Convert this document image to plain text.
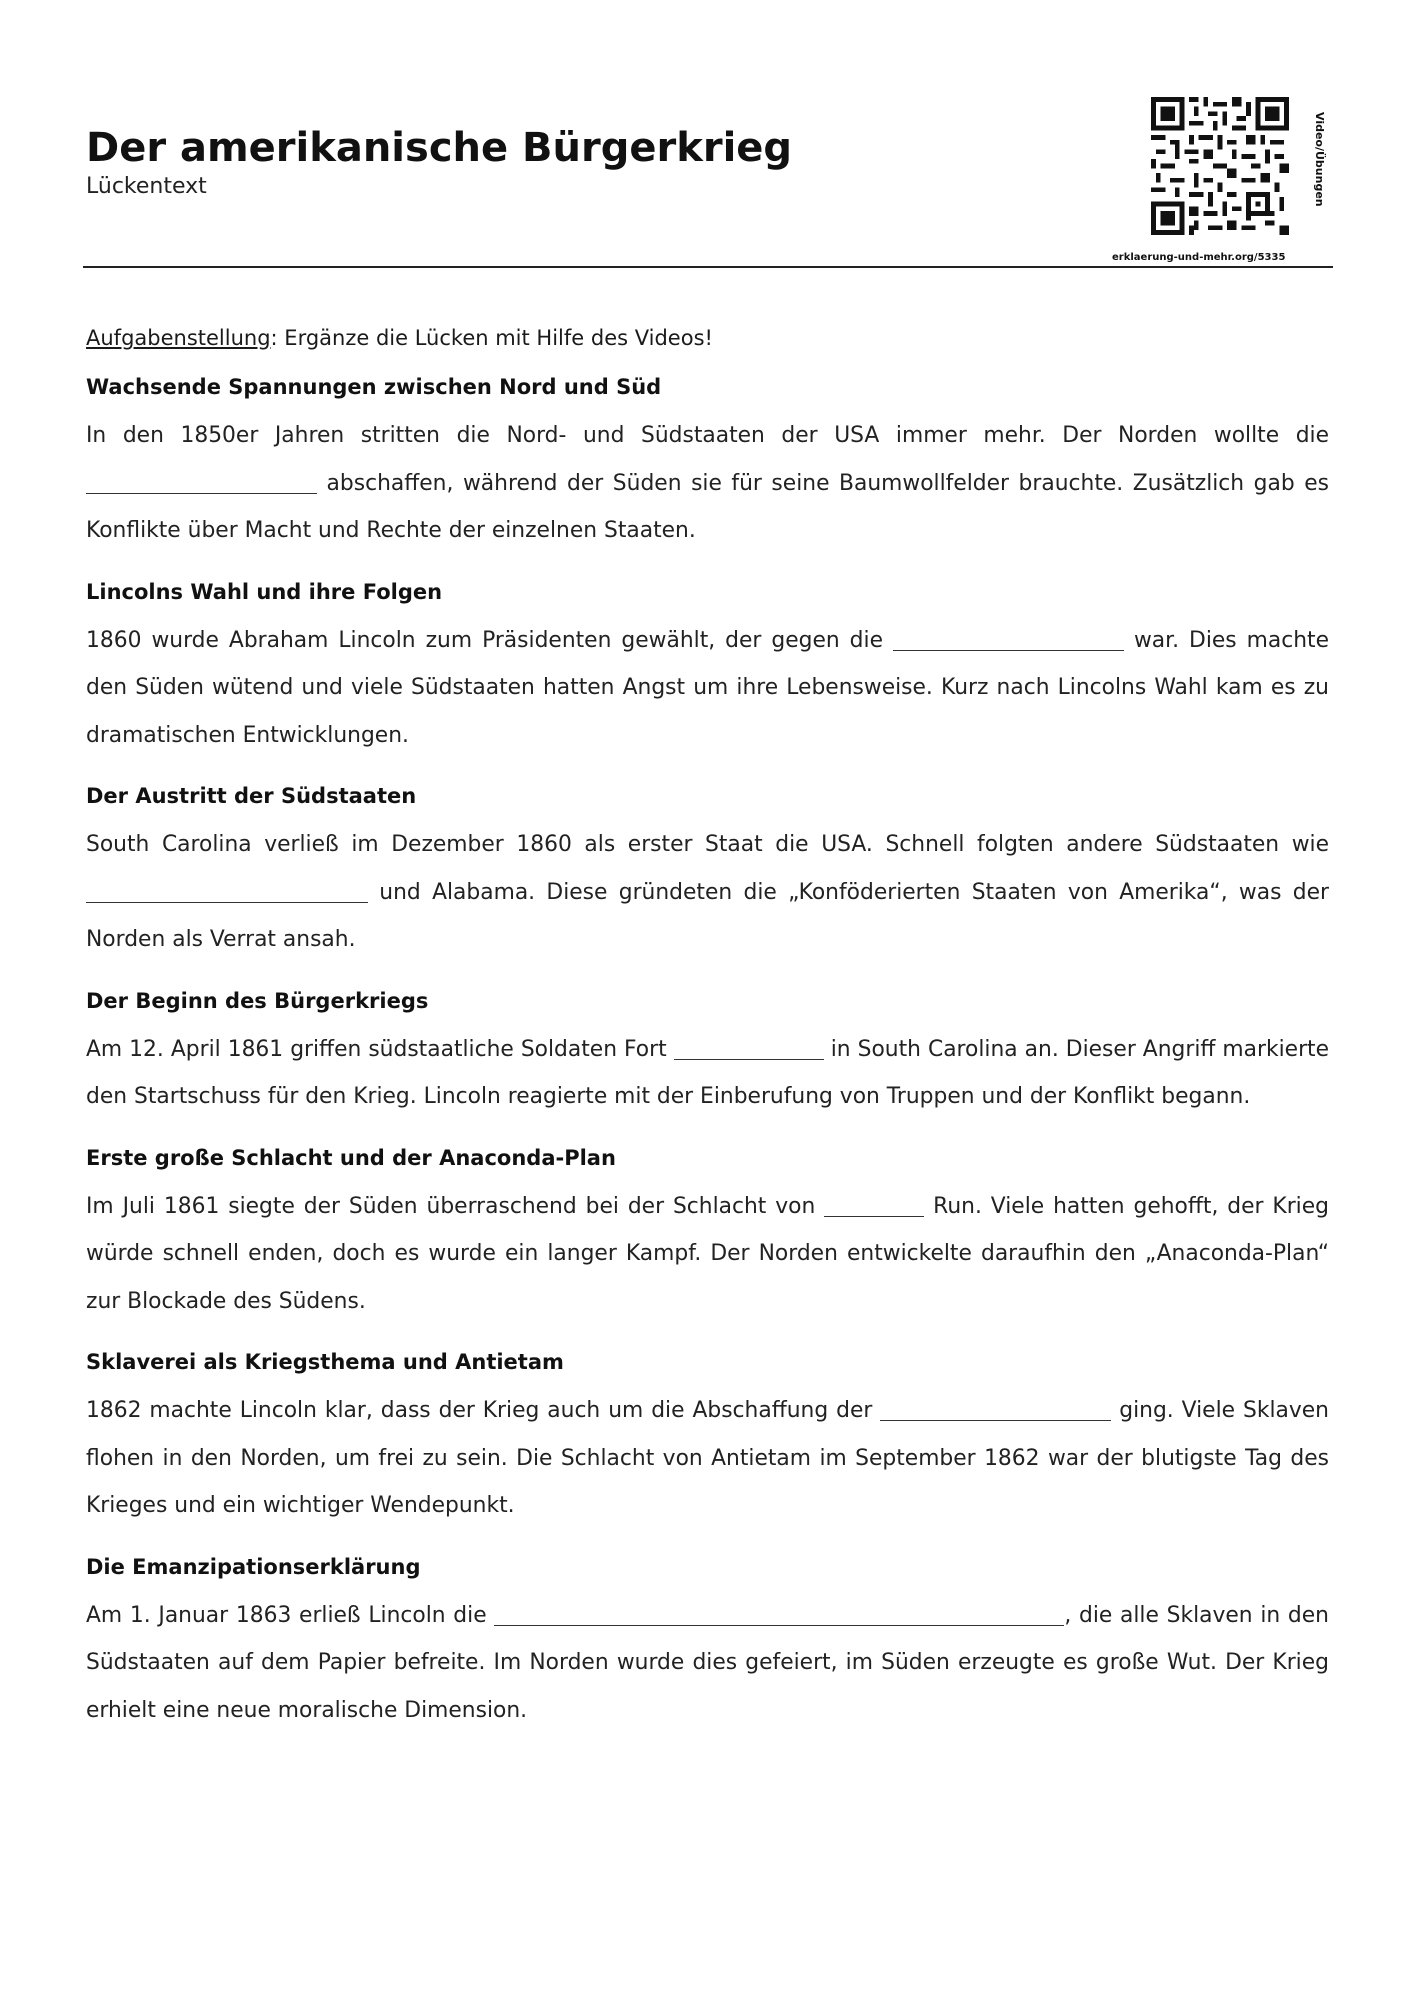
Der amerikanische Bürgerkrieg
Lückentext	Video/Übungen
erklaerung-und-mehr.org/5335
Aufgabenstellung: Ergänze die Lücken mit Hilfe des Videos!
Wachsende Spannungen zwischen Nord und Süd

In den 1850er Jahren stritten die Nord- und Südstaaten der USA immer mehr. Der Norden wollte die  abschaffen, während der Süden sie für seine Baumwollfelder brauchte. Zusätzlich gab es Konflikte über Macht und Rechte der einzelnen Staaten.

Lincolns Wahl und ihre Folgen

1860 wurde Abraham Lincoln zum Präsidenten gewählt, der gegen die	war. Dies machte den Süden wütend und viele Südstaaten hatten Angst um ihre Lebensweise. Kurz nach Lincolns Wahl kam es zu dramatischen Entwicklungen.

Der Austritt der Südstaaten

South Carolina verließ im Dezember 1860 als erster Staat die USA. Schnell folgten andere Südstaaten wie  und Alabama. Diese gründeten die „Konföderierten Staaten von Amerika“, was der Norden als Verrat ansah.

Der Beginn des Bürgerkriegs

Am 12. April 1861 griffen südstaatliche Soldaten Fort	in South Carolina an. Dieser Angriff markierte den Startschuss für den Krieg. Lincoln reagierte mit der Einberufung von Truppen und der Konflikt begann.

Erste große Schlacht und der Anaconda-Plan

Im Juli 1861 siegte der Süden überraschend bei der Schlacht von	Run. Viele hatten gehofft, der Krieg würde schnell enden, doch es wurde ein langer Kampf. Der Norden entwickelte daraufhin den „Anaconda-Plan“ zur Blockade des Südens.

Sklaverei als Kriegsthema und Antietam

1862 machte Lincoln klar, dass der Krieg auch um die Abschaffung der	ging. Viele Sklaven flohen in den Norden, um frei zu sein. Die Schlacht von Antietam im September 1862 war der blutigste Tag des Krieges und ein wichtiger Wendepunkt.

Die Emanzipationserklärung

Am 1. Januar 1863 erließ Lincoln die	, die alle Sklaven in den Südstaaten auf dem Papier befreite. Im Norden wurde dies gefeiert, im Süden erzeugte es große Wut. Der Krieg erhielt eine neue moralische Dimension.
